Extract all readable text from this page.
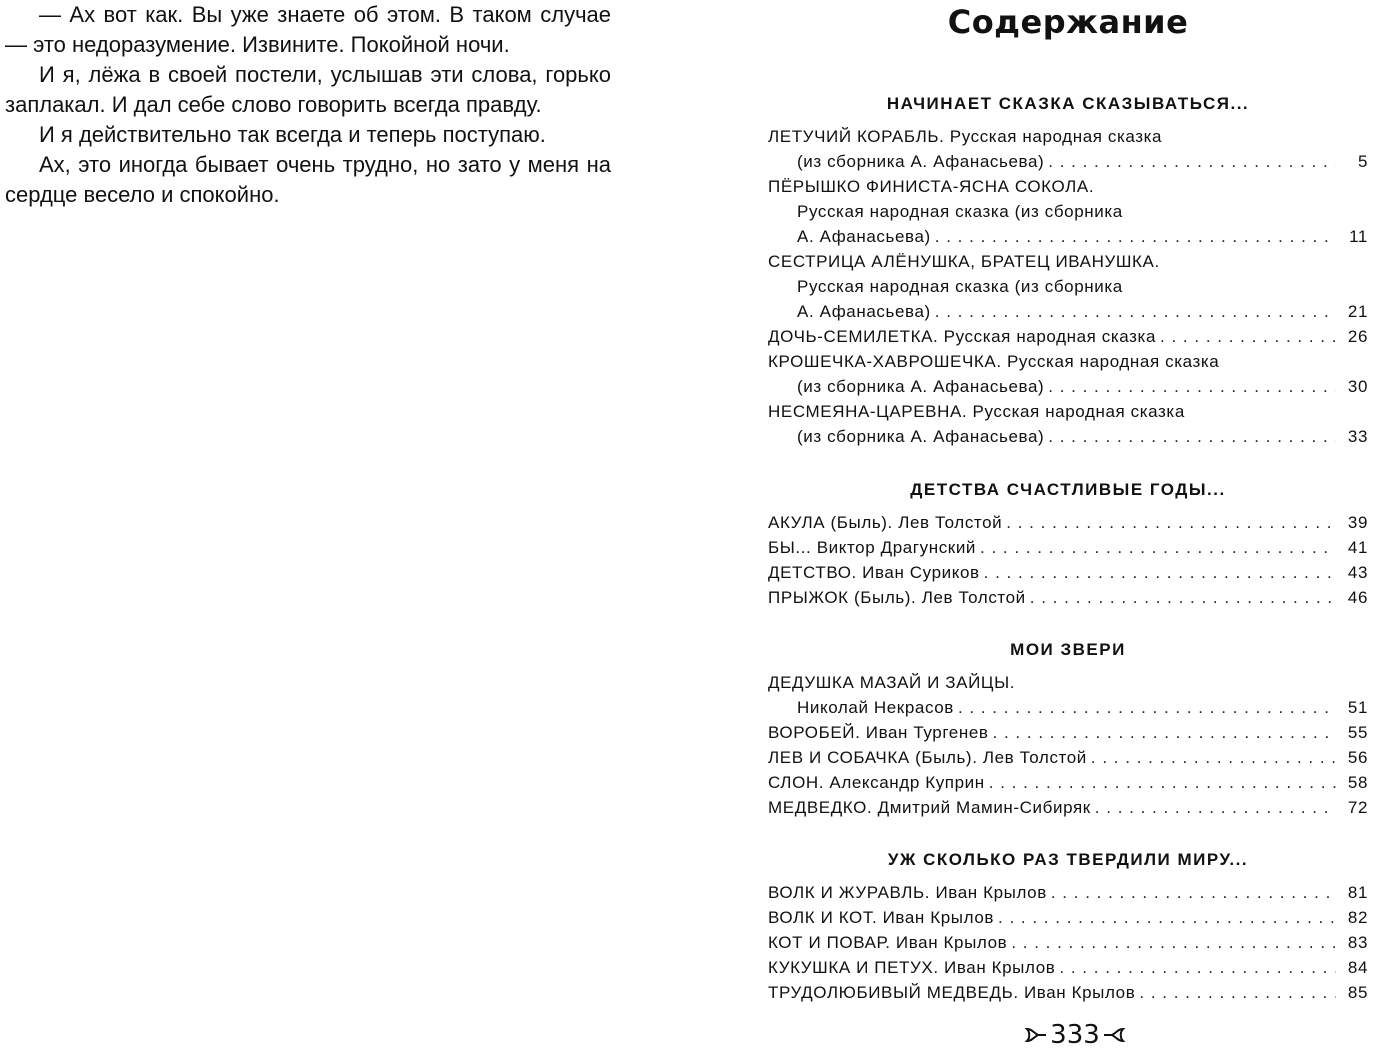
— Ах вот как. Вы уже знаете об этом. В таком случае — это недоразумение. Извините. Покойной ночи.

И я, лёжа в своей постели, услышав эти слова, горько заплакал. И дал себе слово говорить всегда правду.

И я действительно так всегда и теперь поступаю.

Ах, это иногда бывает очень трудно, но зато у меня на сердце весело и спокойно.

Содержание
НАЧИНАЕТ СКАЗКА СКАЗЫВАТЬСЯ...
ЛЕТУЧИЙ КОРАБЛЬ. Русская народная сказка
(из сборника А. Афанасьева) . . .	5
ПЁРЫШКО ФИНИСТА-ЯСНА СОКОЛА.
Русская народная сказка (из сборника
А. Афанасьева) . . .	11
СЕСТРИЦА АЛЁНУШКА, БРАТЕЦ ИВАНУШКА.
Русская народная сказка (из сборника
А. Афанасьева) . . .	21
ДОЧЬ-СЕМИЛЕТКА. Русская народная сказка . . .	26
КРОШЕЧКА-ХАВРОШЕЧКА. Русская народная сказка
(из сборника А. Афанасьева) . . .	30
НЕСМЕЯНА-ЦАРЕВНА. Русская народная сказка
(из сборника А. Афанасьева) . . .	33
ДЕТСТВА СЧАСТЛИВЫЕ ГОДЫ...
АКУЛА (Быль). Лев Толстой . . .	39
БЫ... Виктор Драгунский . . .	41
ДЕТСТВО. Иван Суриков . . .	43
ПРЫЖОК (Быль). Лев Толстой . . .	46
МОИ ЗВЕРИ
ДЕДУШКА МАЗАЙ И ЗАЙЦЫ.
Николай Некрасов . . .	51
ВОРОБЕЙ. Иван Тургенев . . .	55
ЛЕВ И СОБАЧКА (Быль). Лев Толстой . . .	56
СЛОН. Александр Куприн . . .	58
МЕДВЕДКО. Дмитрий Мамин-Сибиряк . . .	72
УЖ СКОЛЬКО РАЗ ТВЕРДИЛИ МИРУ...
ВОЛК И ЖУРАВЛЬ. Иван Крылов . . .	81
ВОЛК И КОТ. Иван Крылов . . .	82
КОТ И ПОВАР. Иван Крылов . . .	83
КУКУШКА И ПЕТУХ. Иван Крылов . . .	84
ТРУДОЛЮБИВЫЙ МЕДВЕДЬ. Иван Крылов . . .	85
333
